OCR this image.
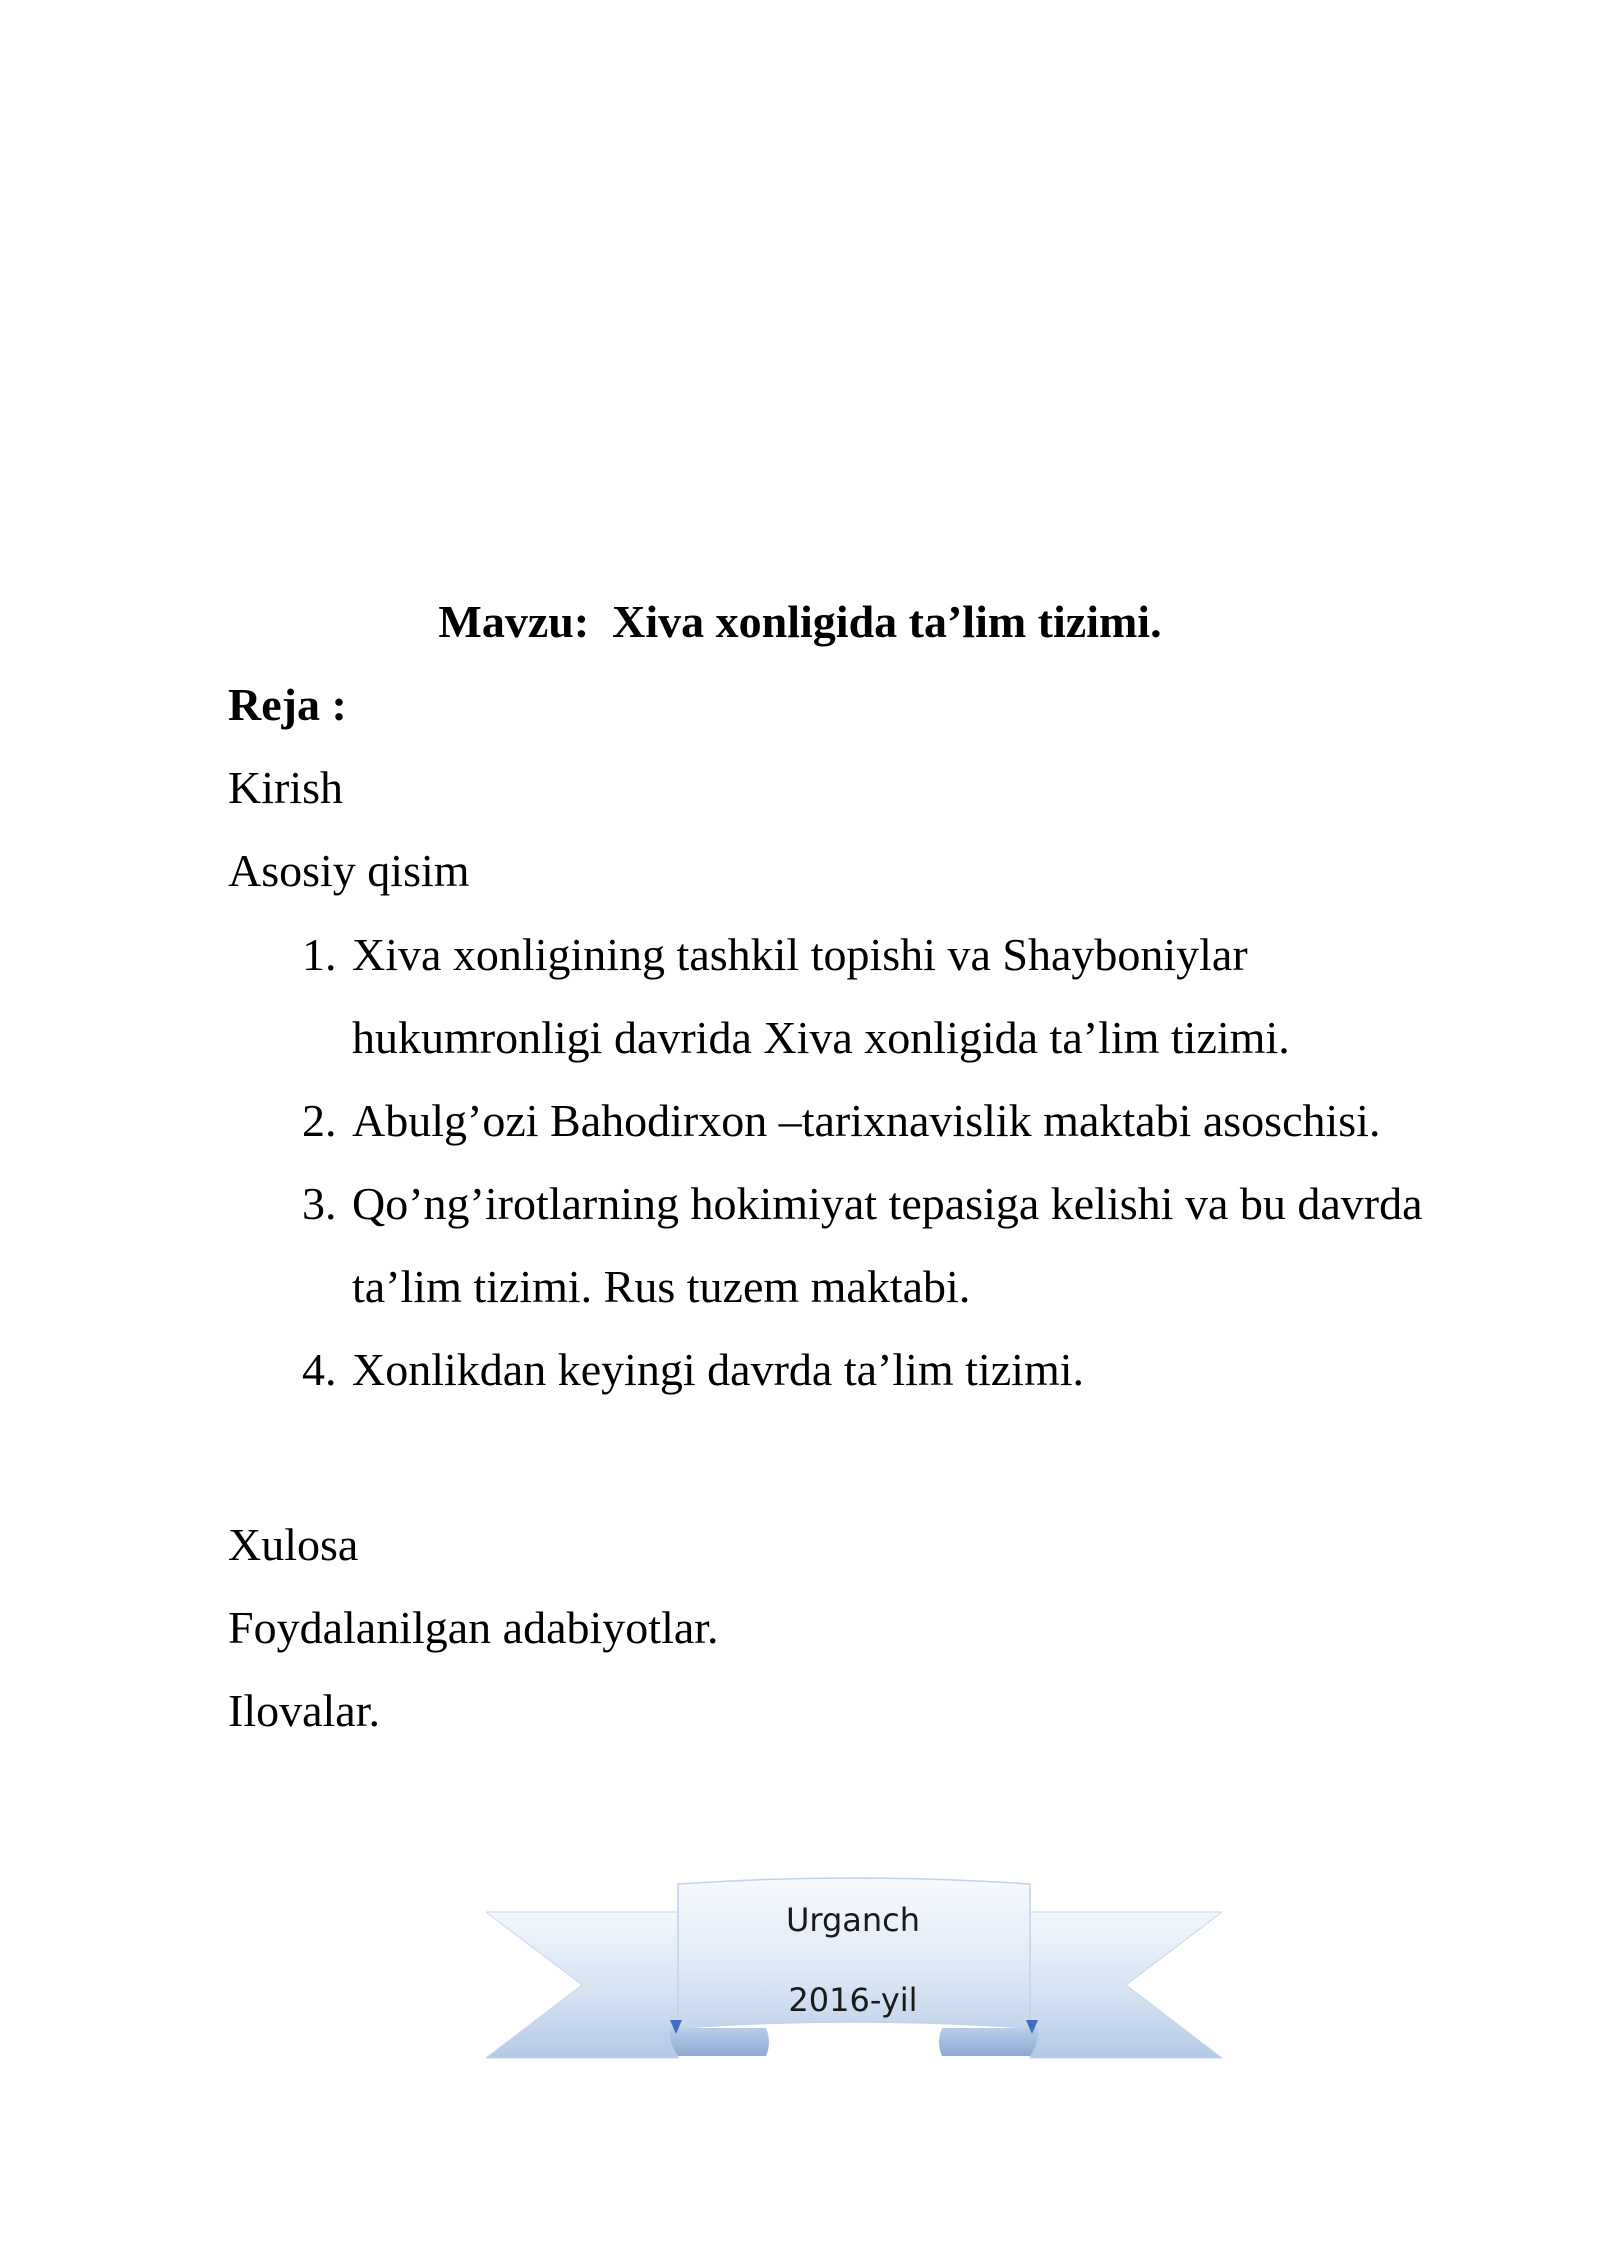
Mavzu:  Xiva xonligida ta’lim tizimi.
Reja :
Kirish
Asosiy qisim
1. Xiva xonligining tashkil topishi va Shayboniylar hukumronligi davrida Xiva xonligida ta’lim tizimi.
2. Abulg’ozi Bahodirxon –tarixnavislik maktabi asoschisi.
3. Qo’ng’irotlarning hokimiyat tepasiga kelishi va bu davrda ta’lim tizimi. Rus tuzem maktabi.
4. Xonlikdan keyingi davrda ta’lim tizimi.
Xulosa
Foydalanilgan adabiyotlar.
Ilovalar.
Urganch
2016-yil
